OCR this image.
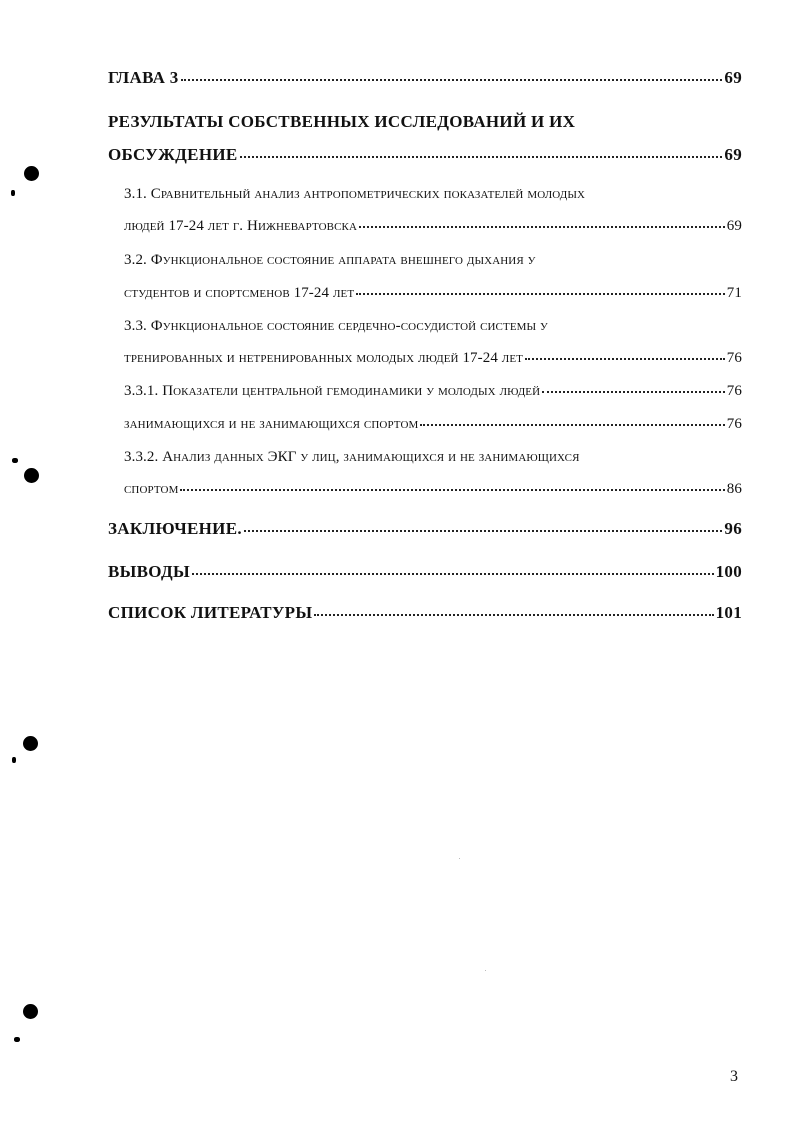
ГЛАВА 3	69
РЕЗУЛЬТАТЫ СОБСТВЕННЫХ ИССЛЕДОВАНИЙ И ИХ
ОБСУЖДЕНИЕ	69
3.1. Сравнительный анализ антропометрических показателей молодых
людей 17-24 лет г. Нижневартовска	69
3.2. Функциональное состояние аппарата внешнего дыхания у
студентов и спортсменов 17-24 лет	71
3.3. Функциональное состояние сердечно-сосудистой системы у
тренированных и нетренированных молодых людей 17-24 лет	76
3.3.1. Показатели центральной гемодинамики у молодых людей	76
занимающихся и не занимающихся спортом	76
3.3.2. Анализ данных ЭКГ у лиц, занимающихся и не занимающихся
спортом	86
ЗАКЛЮЧЕНИЕ.	96
ВЫВОДЫ	100
СПИСОК ЛИТЕРАТУРЫ	101
3
